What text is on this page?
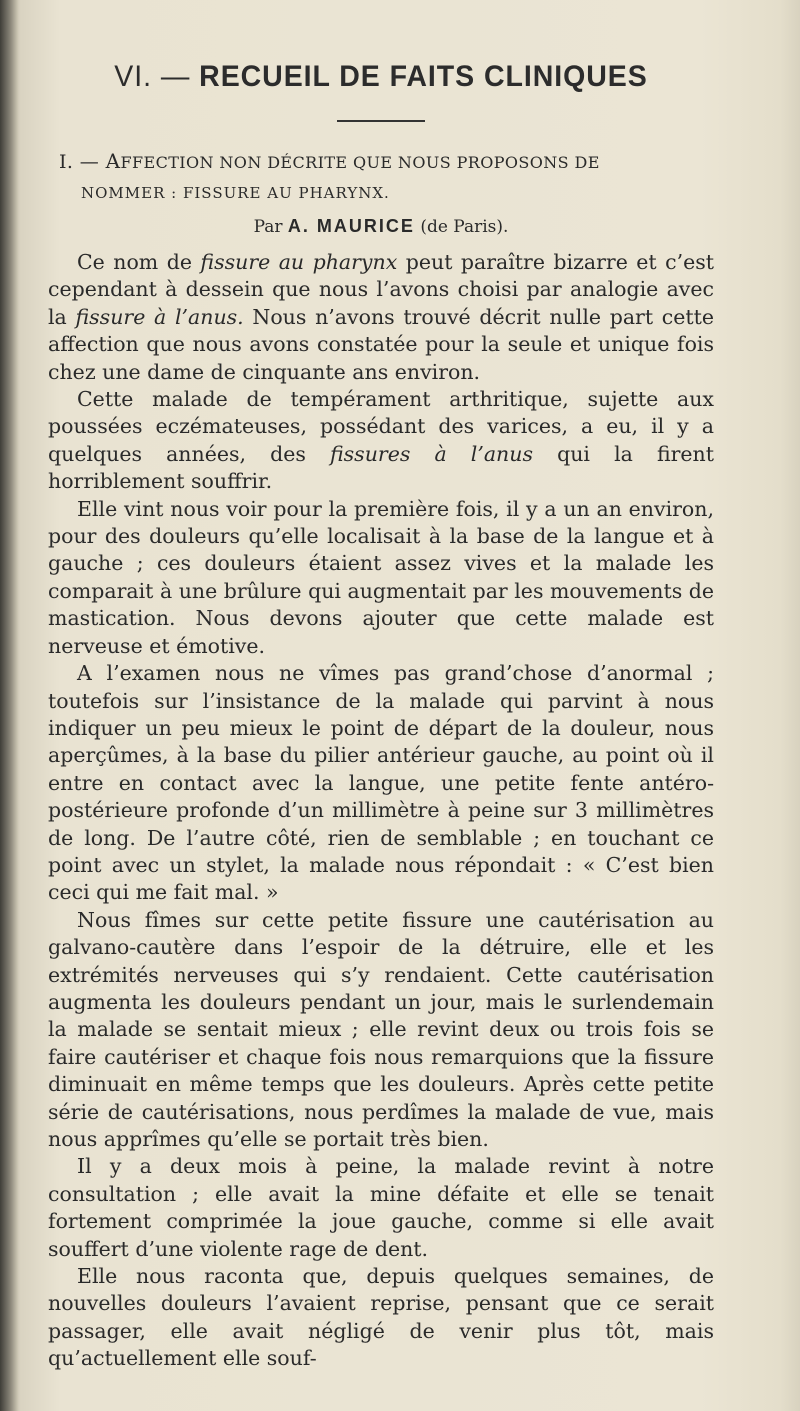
VI. — RECUEIL DE FAITS CLINIQUES
I. — AFFECTION NON DÉCRITE QUE NOUS PROPOSONS DE
NOMMER : FISSURE AU PHARYNX.
Par A. MAURICE (de Paris).

Ce nom de fissure au pharynx peut paraître bizarre et c’est cependant à dessein que nous l’avons choisi par analogie avec la fissure à l’anus. Nous n’avons trouvé décrit nulle part cette affection que nous avons constatée pour la seule et unique fois chez une dame de cinquante ans environ.

Cette malade de tempérament arthritique, sujette aux poussées eczémateuses, possédant des varices, a eu, il y a quelques années, des fissures à l’anus qui la firent horriblement souffrir.

Elle vint nous voir pour la première fois, il y a un an environ, pour des douleurs qu’elle localisait à la base de la langue et à gauche ; ces douleurs étaient assez vives et la malade les comparait à une brûlure qui augmentait par les mouvements de mastication. Nous devons ajouter que cette malade est nerveuse et émotive.

A l’examen nous ne vîmes pas grand’chose d’anormal ; toutefois sur l’insistance de la malade qui parvint à nous indiquer un peu mieux le point de départ de la douleur, nous aperçûmes, à la base du pilier antérieur gauche, au point où il entre en contact avec la langue, une petite fente antéro-postérieure profonde d’un millimètre à peine sur 3 millimètres de long. De l’autre côté, rien de semblable ; en touchant ce point avec un stylet, la malade nous répondait : « C’est bien ceci qui me fait mal. »

Nous fîmes sur cette petite fissure une cautérisation au galvano-cautère dans l’espoir de la détruire, elle et les extrémités nerveuses qui s’y rendaient. Cette cautérisation augmenta les douleurs pendant un jour, mais le surlendemain la malade se sentait mieux ; elle revint deux ou trois fois se faire cautériser et chaque fois nous remarquions que la fissure diminuait en même temps que les douleurs. Après cette petite série de cautérisations, nous perdîmes la malade de vue, mais nous apprîmes qu’elle se portait très bien.

Il y a deux mois à peine, la malade revint à notre consultation ; elle avait la mine défaite et elle se tenait fortement comprimée la joue gauche, comme si elle avait souffert d’une violente rage de dent.

Elle nous raconta que, depuis quelques semaines, de nouvelles douleurs l’avaient reprise, pensant que ce serait passager, elle avait négligé de venir plus tôt, mais qu’actuellement elle souf-
